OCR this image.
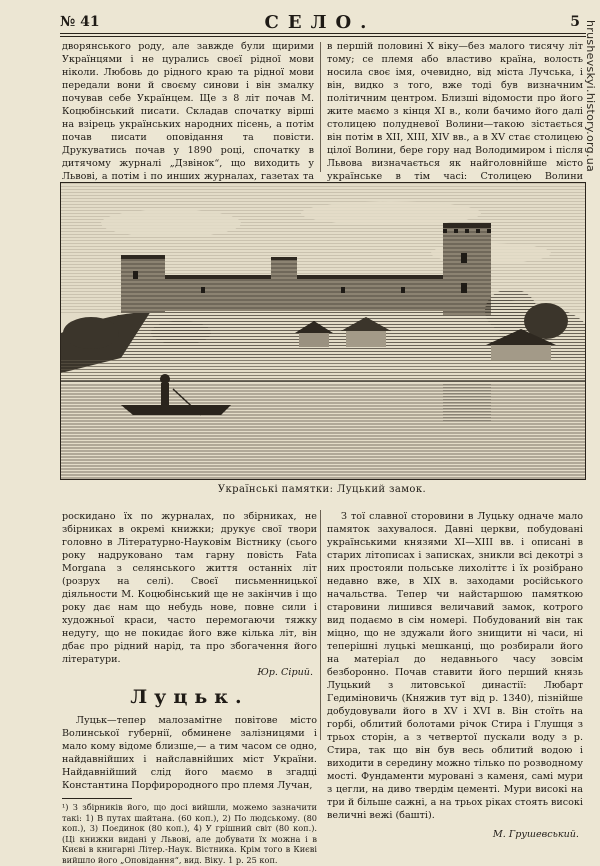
№ 41	СЕЛО.	5 hrushevskyi.history.org.ua

дворянського роду, але завжде були щирими Українцями і не цурались своєї рідної мови ніколи. Любовь до рідного краю та рідної мови передали вони й своєму синови і він змалку почував себе Українцем. Ще з 8 літ почав М. Коцюбінський писати. Складав спочатку вірші на взірець українських народних пісень, а потім почав писати оповідання та повісти. Друкуватись почав у 1890 році, спочатку в дитячому журналі „Дзвінок“, що виходить у Львові, а потім і по инших журналах, газетах та

в першій половині X віку—без малого тисячу літ тому; се племя або властиво країна, волость носила своє імя, очевидно, від міста Лучська, і він, видко з того, вже тоді був визначним політичним центром. Близші відомости про його жите маємо з кінця XI в., коли бачимо його далі столицею полудневої Волини—такою зістається він потім в XII, XIII, XIV вв., а в XV стає столицею цілої Волини, бере гору над Володимиром і після Львова визначається як найголовнійше місто українське в тім часі: Столицею Волини

Українські памятки: Луцький замок.

роскидано їх по журналах, по збірниках, не збірниках в окремі книжки; друкує свої твори головно в Літературно-Науковім Вістнику (сього року надруковано там гарну повість Fata Morgana з селянського життя останніх літ (розрух на селі). Своєї письменницької діяльности М. Коцюбінський ще не закінчив і що року дає нам що небудь нове, повне сили і художньої краси, часто перемогаючи тяжку недугу, що не покидає його вже кілька літ, він дбає про рідний нарід, та про збогачення його літератури.

Юр. Сірий.
Луцьк.

Луцьк—тепер малозамітне повітове місто Волинської губернії, обминене залізницями і мало кому відоме близше,— а тим часом се одно, найдавнійших і найславнійших міст України. Найдавнійший слід його маємо в згадці Константина Порфирородного про племя Лучан,

¹) З збірників його, що досі вийшли, можемо зазначити такі: 1) В путах шайтана. (60 коп.), 2) По людському. (80 коп.), 3) Поєдинок (80 коп.), 4) У грішний світ (80 коп.). (Ці книжки видані у Львові, але добувати їх можна і в Києві в книгарні Літер.-Наук. Вістника. Крім того в Києві вийшло його „Оповідання“, вид. Віку. 1 р. 25 коп.

З тої славної сторовини в Луцьку одначе мало памяток захувалося. Давні церкви, побудовані українськими князями XI—XIII вв. і описані в старих літописах і записках, зникли всі декотрі з них простояли польське лихоліттє і їх розібрано недавно вже, в XIX в. заходами російського начальства. Тепер чи найстаршою памяткою старовини лишився величавий замок, котрого вид подаємо в сім номері. Побудований він так міцно, що не здужали його знищити ні часи, ні теперішні луцькі мешканці, що розбирали його на матеріал до недавнього часу зовсім безборонно. Почав ставити його перший князь Луцький з литовської династії: Любарт Гедиміновичь (Княжив тут від р. 1340), пізнійше добудовували його в XV і XVI в. Він стоїть на горбі, облитий болотами річок Стира і Глушця з трьох сторін, а з четвертої пускали воду з р. Стира, так що він був весь облитий водою і виходити в середину можно тілько по розводному мості. Фундаменти муровані з каменя, самі мури з цегли, на диво твердім цементі. Мури високі на три й більше сажні, а на трьох ріках стоять високі величні вежі (башті).

М. Грушевський.
